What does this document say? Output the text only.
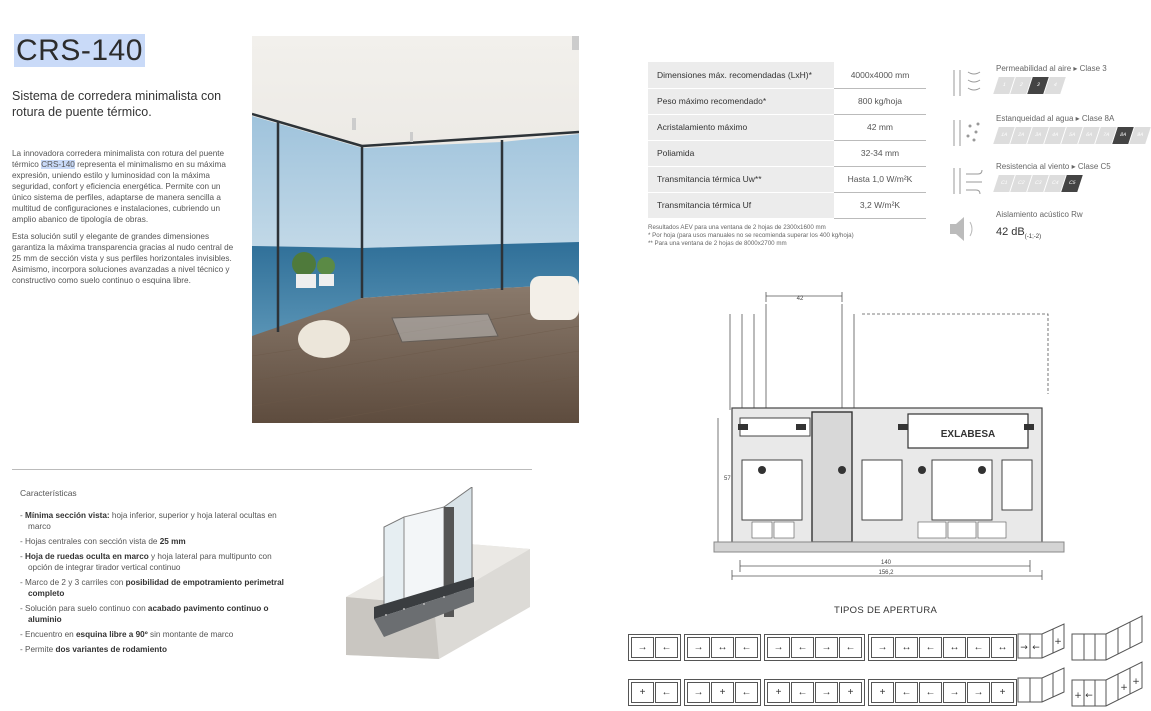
CRS-140
Sistema de corredera minimalista con rotura de puente térmico.

La innovadora corredera minimalista con rotura del puente térmico CRS-140 representa el minimalismo en su máxima expresión, uniendo estilo y luminosidad con la máxima seguridad, confort y eficiencia energética. Permite con un único sistema de perfiles, adaptarse de manera sencilla a multitud de configuraciones e instalaciones, cubriendo un amplio abanico de tipología de obras.

Esta solución sutil y elegante de grandes dimensiones garantiza la máxima transparencia gracias al nudo central de 25 mm de sección vista y sus perfiles horizontales invisibles. Asimismo, incorpora soluciones avanzadas a nivel técnico y constructivo como suelo continuo o esquina libre.

Características
- Mínima sección vista: hoja inferior, superior y hoja lateral ocultas en marco
- Hojas centrales con sección vista de 25 mm
- Hoja de ruedas oculta en marco y hoja lateral para multipunto con opción de integrar tirador vertical continuo
- Marco de 2 y 3 carriles con posibilidad de empotramiento perimetral completo
- Solución para suelo continuo con acabado pavimento continuo o aluminio
- Encuentro en esquina libre a 90º sin montante de marco
- Permite dos variantes de rodamiento
Dimensiones máx. recomendadas (LxH)*	4000x4000 mm
Peso máximo recomendado*	800 kg/hoja
Acristalamiento máximo	42 mm
Poliamida	32-34 mm
Transmitancia térmica Uw**	Hasta 1,0 W/m²K
Transmitancia térmica Uf	3,2 W/m²K
Resultados AEV para una ventana de 2 hojas de 2300x1600 mm
* Por hoja (para usos manuales no se recomienda superar los 400 kg/hoja)
** Para una ventana de 2 hojas de 8000x2700 mm
Permeabilidad al aire ▸ Clase 3
1	2	3	4
Estanqueidad al agua ▸ Clase 8A
1A	2A	3A	4A	5A	6A	7A	8A	9A
Resistencia al viento ▸ Clase C5
C1	C2	C3	C4	C5
Aislamiento acústico Rw
42 $dB_{(-1;-2)}$
42
57
EXLABESA
140
156,2
TIPOS DE APERTURA
→	←	→	↔	←	→	←	→	←	→	↔	←	↔	←	↔
+	←	→	+	←	+	←	→	+	+	←	←	→	→	+
→ ←
+
+ ←
+
+
